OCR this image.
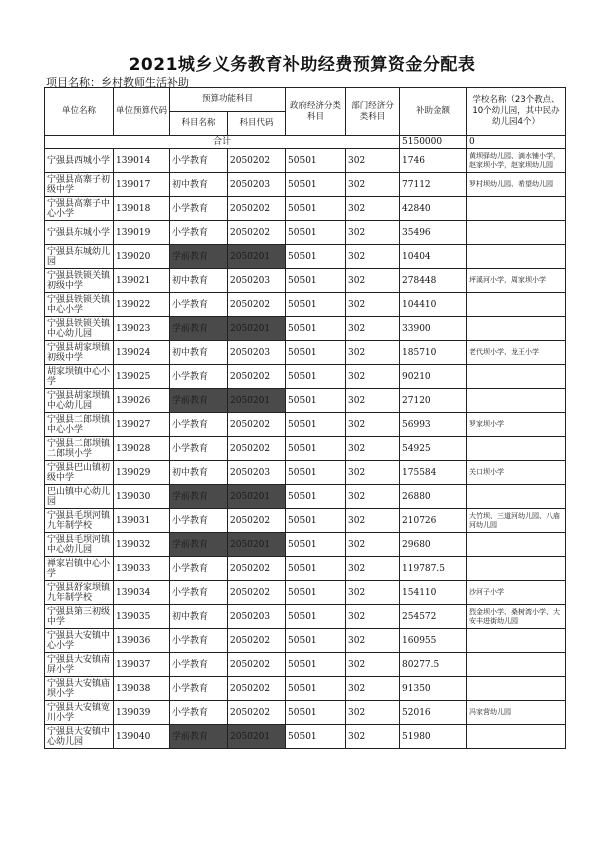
2021城乡义务教育补助经费预算资金分配表
项目名称：乡村教师生活补助
单位名称	单位预算代码	预算功能科目		政府经济分类科目	部门经济分类科目	补助金额	学校名称（23个教点、10个幼儿园，其中民办幼儿园4个）
		科目名称	科目代码				
合计						5150000	0
宁强县西城小学	139014	小学教育	2050202	50501	302	1746	黄坝驿幼儿园、滴水铺小学，赵家坝小学，赵家坝幼儿园
宁强县高寨子初级中学	139017	初中教育	2050203	50501	302	77112	罗村坝幼儿园、希望幼儿园
宁强县高寨子中心小学	139018	小学教育	2050202	50501	302	42840	
宁强县东城小学	139019	小学教育	2050202	50501	302	35496	
宁强县东城幼儿园	139020	学前教育	2050201	50501	302	10404	
宁强县铁锁关镇初级中学	139021	初中教育	2050203	50501	302	278448	坪溪河小学，周家坝小学
宁强县铁锁关镇中心小学	139022	小学教育	2050202	50501	302	104410	
宁强县铁锁关镇中心幼儿园	139023	学前教育	2050201	50501	302	33900	
宁强县胡家坝镇初级中学	139024	初中教育	2050203	50501	302	185710	老代坝小学、龙王小学
胡家坝镇中心小学	139025	小学教育	2050202	50501	302	90210	
宁强县胡家坝镇中心幼儿园	139026	学前教育	2050201	50501	302	27120	
宁强县二郎坝镇中心小学	139027	小学教育	2050202	50501	302	56993	罗家坝小学
宁强县二郎坝镇二郎坝小学	139028	小学教育	2050202	50501	302	54925	
宁强县巴山镇初级中学	139029	初中教育	2050203	50501	302	175584	关口坝小学
巴山镇中心幼儿园	139030	学前教育	2050201	50501	302	26880	
宁强县毛坝河镇九年制学校	139031	小学教育	2050202	50501	302	210726	大竹坝、三道河幼儿园、八庙河幼儿园
宁强县毛坝河镇中心幼儿园	139032	学前教育	2050201	50501	302	29680	
禅家岩镇中心小学	139033	小学教育	2050202	50501	302	119787.5	
宁强县舒家坝镇九年制学校	139034	小学教育	2050202	50501	302	154110	沙河子小学
宁强县第三初级中学	139035	初中教育	2050203	50501	302	254572	烈金坝小学、桑树湾小学、大安丰进街幼儿园
宁强县大安镇中心小学	139036	小学教育	2050202	50501	302	160955	
宁强县大安镇南屏小学	139037	小学教育	2050202	50501	302	80277.5	
宁强县大安镇庙坝小学	139038	小学教育	2050202	50501	302	91350	
宁强县大安镇宽川小学	139039	小学教育	2050202	50501	302	52016	冯家营幼儿园
宁强县大安镇中心幼儿园	139040	学前教育	2050201	50501	302	51980	
